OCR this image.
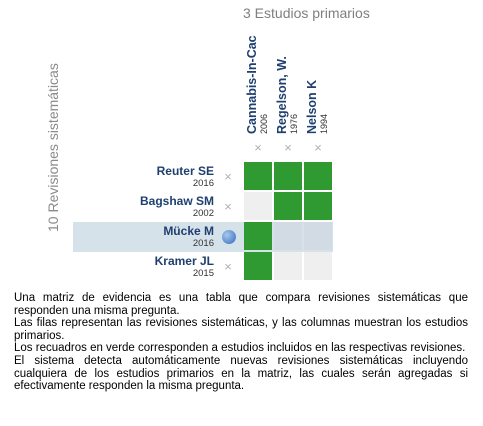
3 Estudios primarios
10 Revisiones sistemáticas	Cannabis-In-Cac 2006
×
Regelson, W. 1976
×
Nelson K 1994
×
Reuter SE
2016 ×
Bagshaw SM
2002 ×
Mücke M
2016
Kramer JL
2015 ×

Una matriz de evidencia es una tabla que compara revisiones sistemáticas que responden una misma pregunta.

Las filas representan las revisiones sistemáticas, y las columnas muestran los estudios primarios.

Los recuadros en verde corresponden a estudios incluidos en las respectivas revisiones.

El sistema detecta automáticamente nuevas revisiones sistemáticas incluyendo cualquiera de los estudios primarios en la matriz, las cuales serán agregadas si efectivamente responden la misma pregunta.
